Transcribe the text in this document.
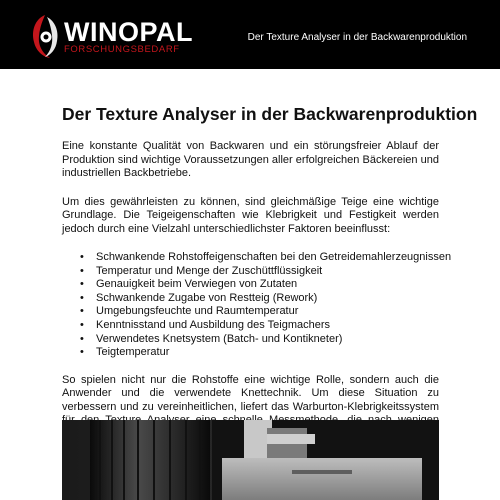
WINOPAL
FORSCHUNGSBEDARF
Der Texture Analyser in der Backwarenproduktion
Der Texture Analyser in der Backwarenproduktion

Eine konstante Qualität von Backwaren und ein störungsfreier Ablauf der Produktion sind wichtige Voraussetzungen aller erfolgreichen Bäckereien und industriellen Backbetriebe.

Um dies gewährleisten zu können, sind gleichmäßige Teige eine wichtige Grundlage. Die Teigeigenschaften wie Klebrigkeit und Festigkeit werden jedoch durch eine Vielzahl unterschiedlichster Faktoren beeinflusst:

• Schwankende Rohstoffeigenschaften bei den Getreidemahlerzeugnissen
• Temperatur und Menge der Zuschüttflüssigkeit
• Genauigkeit beim Verwiegen von Zutaten
• Schwankende Zugabe von Restteig (Rework)
• Umgebungsfeuchte und Raumtemperatur
• Kenntnisstand und Ausbildung des Teigmachers
• Verwendetes Knetsystem (Batch- und Kontikneter)
• Teigtemperatur

So spielen nicht nur die Rohstoffe eine wichtige Rolle, sondern auch die Anwender und die verwendete Knettechnik. Um diese Situation zu verbessern und zu vereinheitlichen, liefert das Warburton-Klebrigkeitssystem
